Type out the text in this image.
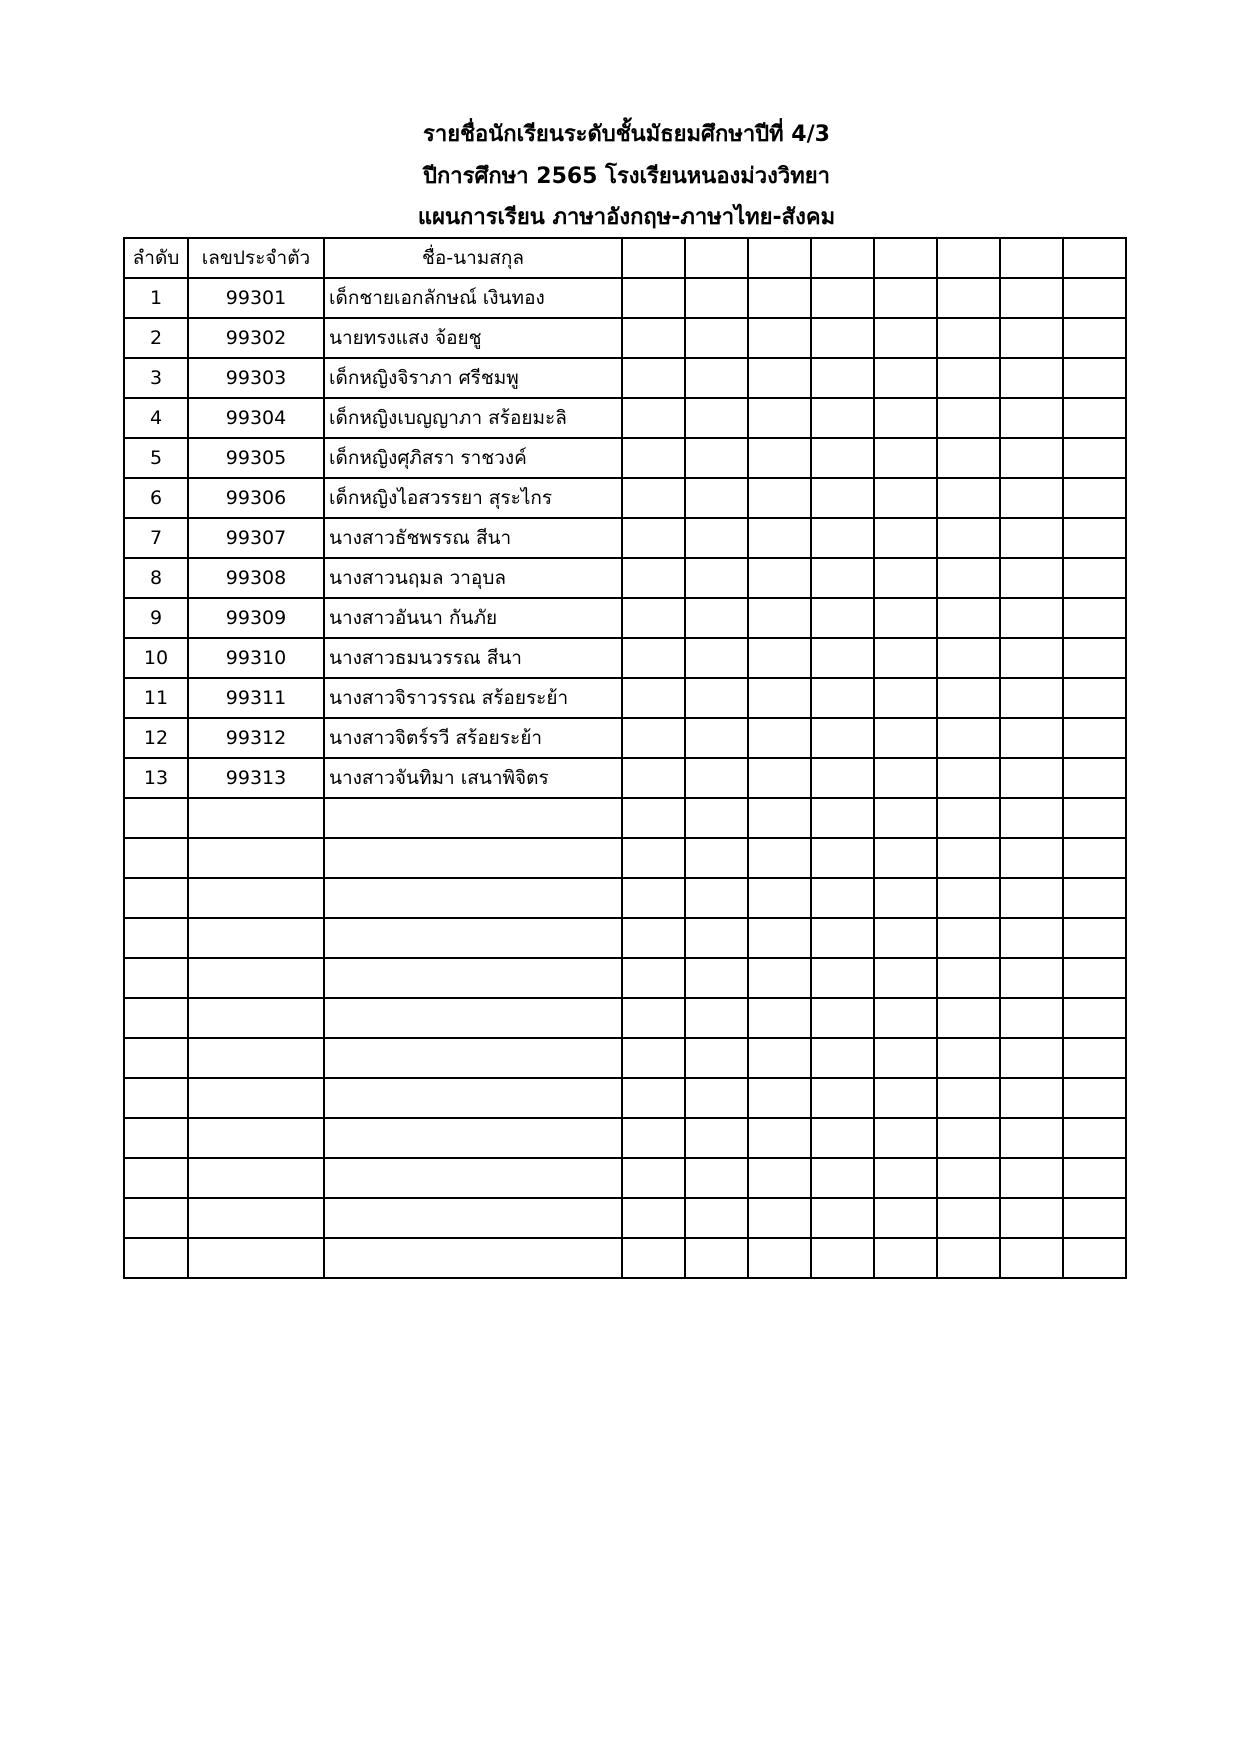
รายชื่อนักเรียนระดับชั้นมัธยมศึกษาปีที่ 4/3
ปีการศึกษา 2565 โรงเรียนหนองม่วงวิทยา
แผนการเรียน ภาษาอังกฤษ-ภาษาไทย-สังคม
ลำดับ	เลขประจำตัว	ชื่อ-นามสกุล								
1	99301	เด็กชายเอกลักษณ์ เงินทอง								
2	99302	นายทรงแสง จ้อยชู								
3	99303	เด็กหญิงจิราภา ศรีชมพู								
4	99304	เด็กหญิงเบญญาภา สร้อยมะลิ								
5	99305	เด็กหญิงศุภิสรา ราชวงค์								
6	99306	เด็กหญิงไอสวรรยา สุระไกร								
7	99307	นางสาวธัชพรรณ สีนา								
8	99308	นางสาวนฤมล วาอุบล								
9	99309	นางสาวอันนา กันภัย								
10	99310	นางสาวธมนวรรณ สีนา								
11	99311	นางสาวจิราวรรณ สร้อยระย้า								
12	99312	นางสาวจิตร์รวี สร้อยระย้า								
13	99313	นางสาวจันทิมา เสนาพิจิตร								
